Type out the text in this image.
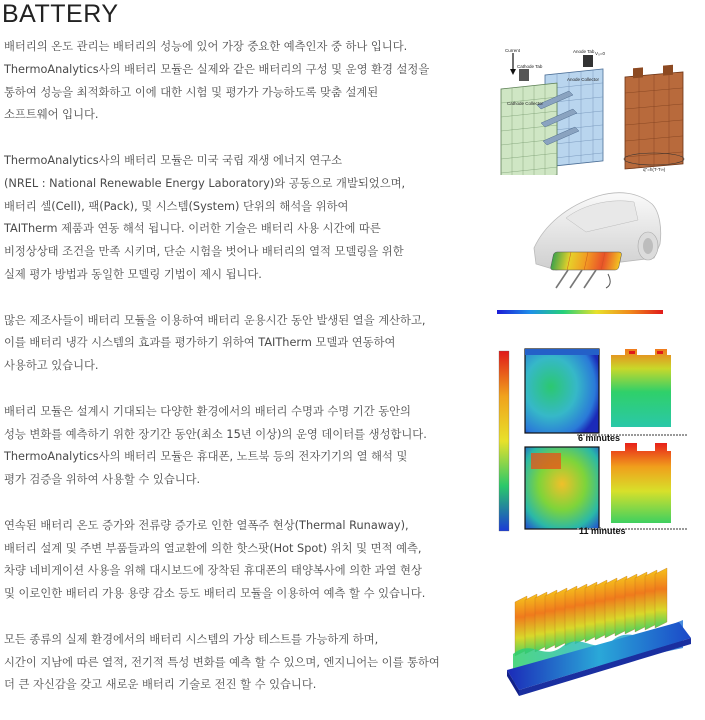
BATTERY

배터리의 온도 관리는 배터리의 성능에 있어 가장 중요한 예측인자 중 하나 입니다.
ThermoAnalytics사의 배터리 모듈은 실제와 같은 배터리의 구성 및 운영 환경 설정을
통하여 성능을 최적화하고 이에 대한 시험 및 평가가 가능하도록 맞춤 설계된
소프트웨어 입니다.

ThermoAnalytics사의 배터리 모듈은 미국 국립 재생 에너지 연구소
(NREL : National Renewable Energy Laboratory)와 공동으로 개발되었으며,
배터리 셀(Cell), 팩(Pack), 및 시스템(System) 단위의 해석을 위하여
TAITherm 제품과 연동 해석 됩니다. 이러한 기술은 배터리 사용 시간에 따른
비정상상태 조건을 만족 시키며, 단순 시험을 벗어나 배터리의 열적 모델링을 위한
실제 평가 방법과 동일한 모델링 기법이 제시 됩니다.

많은 제조사들이 배터리 모듈을 이용하여 배터리 운용시간 동안 발생된 열을 계산하고,
이를 배터리 냉각 시스템의 효과를 평가하기 위하여 TAITherm 모델과 연동하여
사용하고 있습니다.

배터리 모듈은 설계시 기대되는 다양한 환경에서의 배터리 수명과 수명 기간 동안의
성능 변화를 예측하기 위한 장기간 동안(최소 15년 이상)의 운영 데이터를 생성합니다.
ThermoAnalytics사의 배터리 모듈은 휴대폰, 노트북 등의 전자기기의 열 해석 및
평가 검증을 위하여 사용할 수 있습니다.

연속된 배터리 온도 증가와 전류량 증가로 인한 열폭주 현상(Thermal Runaway),
배터리 설계 및 주변 부품들과의 열교환에 의한 핫스팟(Hot Spot) 위치 및 면적 예측,
차량 네비게이션 사용을 위해 대시보드에 장착된 휴대폰의 태양복사에 의한 과열 현상
및 이로인한 배터리 가용 용량 감소 등도 배터리 모듈을 이용하여 예측 할 수 있습니다.

모든 종류의 실제 환경에서의 배터리 시스템의 가상 테스트를 가능하게 하며,
시간이 지남에 따른 열적, 전기적 특성 변화를 예측 할 수 있으며, 엔지니어는 이를 통하여
더 큰 자신감을 갖고 새로운 배터리 기술로 전진 할 수 있습니다.

Current
Cathode Tab
Anode Tab V₀=0
Cathode Collector
Anode Collector
q''=h(T-T∞)
6 minutes
11 minutes
